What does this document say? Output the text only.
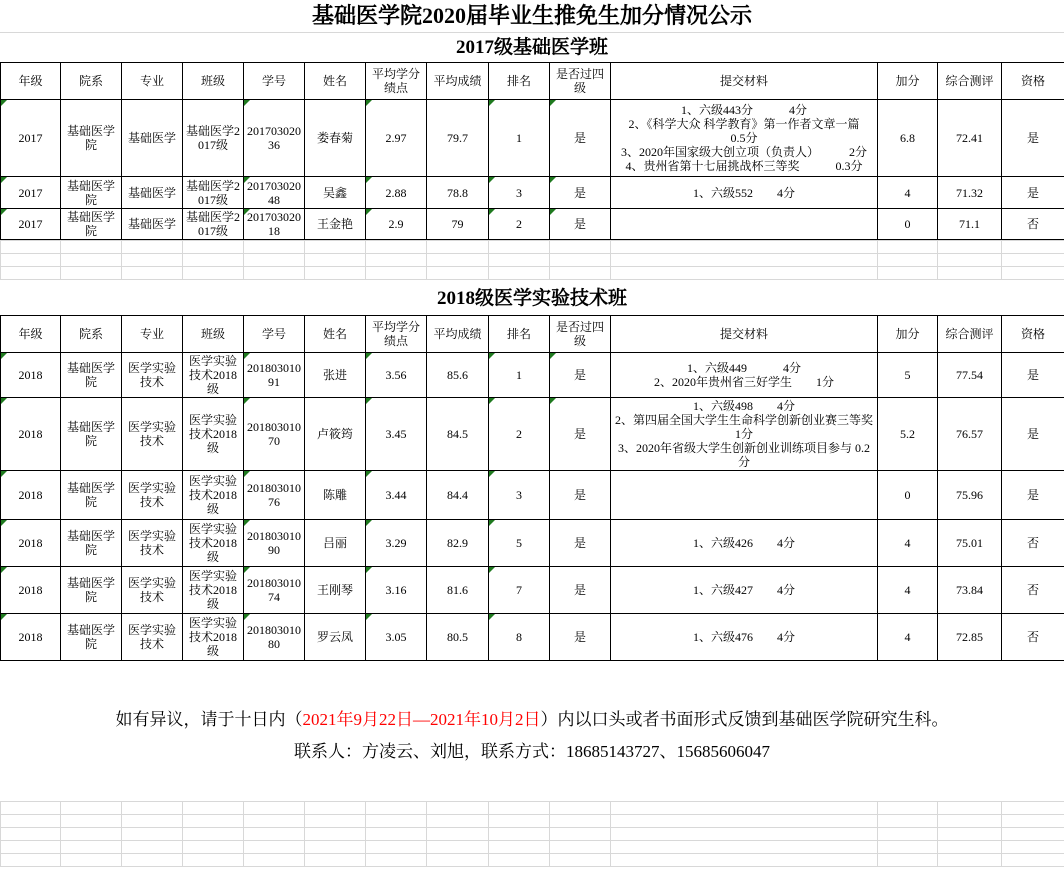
基础医学院2020届毕业生推免生加分情况公示
2017级基础医学班
年级	院系	专业	班级	学号	姓名	平均学分绩点	平均成绩	排名	是否过四级	提交材料	加分	综合测评	资格
2017	基础医学院	基础医学	基础医学2017级	20170302036	娄春菊	2.97	79.7	1	是	1、六级443分　　　4分
2、《科学大众 科学教育》第一作者文章一篇
0.5分
3、2020年国家级大创立项（负责人）　　　2分
4、贵州省第十七届挑战杯三等奖　　　0.3分	6.8	72.41	是
2017	基础医学院	基础医学	基础医学2017级	20170302048	吴鑫	2.88	78.8	3	是	1、六级552　　4分	4	71.32	是
2017	基础医学院	基础医学	基础医学2017级	20170302018	王金艳	2.9	79	2	是		0	71.1	否

2018级医学实验技术班
年级	院系	专业	班级	学号	姓名	平均学分绩点	平均成绩	排名	是否过四级	提交材料	加分	综合测评	资格
2018	基础医学院	医学实验技术	医学实验技术2018级	20180301091	张进	3.56	85.6	1	是	1、六级449　　　4分
2、2020年贵州省三好学生　　1分	5	77.54	是
2018	基础医学院	医学实验技术	医学实验技术2018级	20180301070	卢筱筠	3.45	84.5	2	是	1、六级498　　4分
2、第四届全国大学生生命科学创新创业赛三等奖
1分
3、2020年省级大学生创新创业训练项目参与 0.2
分	5.2	76.57	是
2018	基础医学院	医学实验技术	医学实验技术2018级	20180301076	陈雕	3.44	84.4	3	是		0	75.96	是
2018	基础医学院	医学实验技术	医学实验技术2018级	20180301090	吕丽	3.29	82.9	5	是	1、六级426　　4分	4	75.01	否
2018	基础医学院	医学实验技术	医学实验技术2018级	20180301074	王刚琴	3.16	81.6	7	是	1、六级427　　4分	4	73.84	否
2018	基础医学院	医学实验技术	医学实验技术2018级	20180301080	罗云凤	3.05	80.5	8	是	1、六级476　　4分	4	72.85	否
如有异议，请于十日内（2021年9月22日—2021年10月2日）内以口头或者书面形式反馈到基础医学院研究生科。
联系人：方凌云、刘旭，联系方式：18685143727、15685606047
